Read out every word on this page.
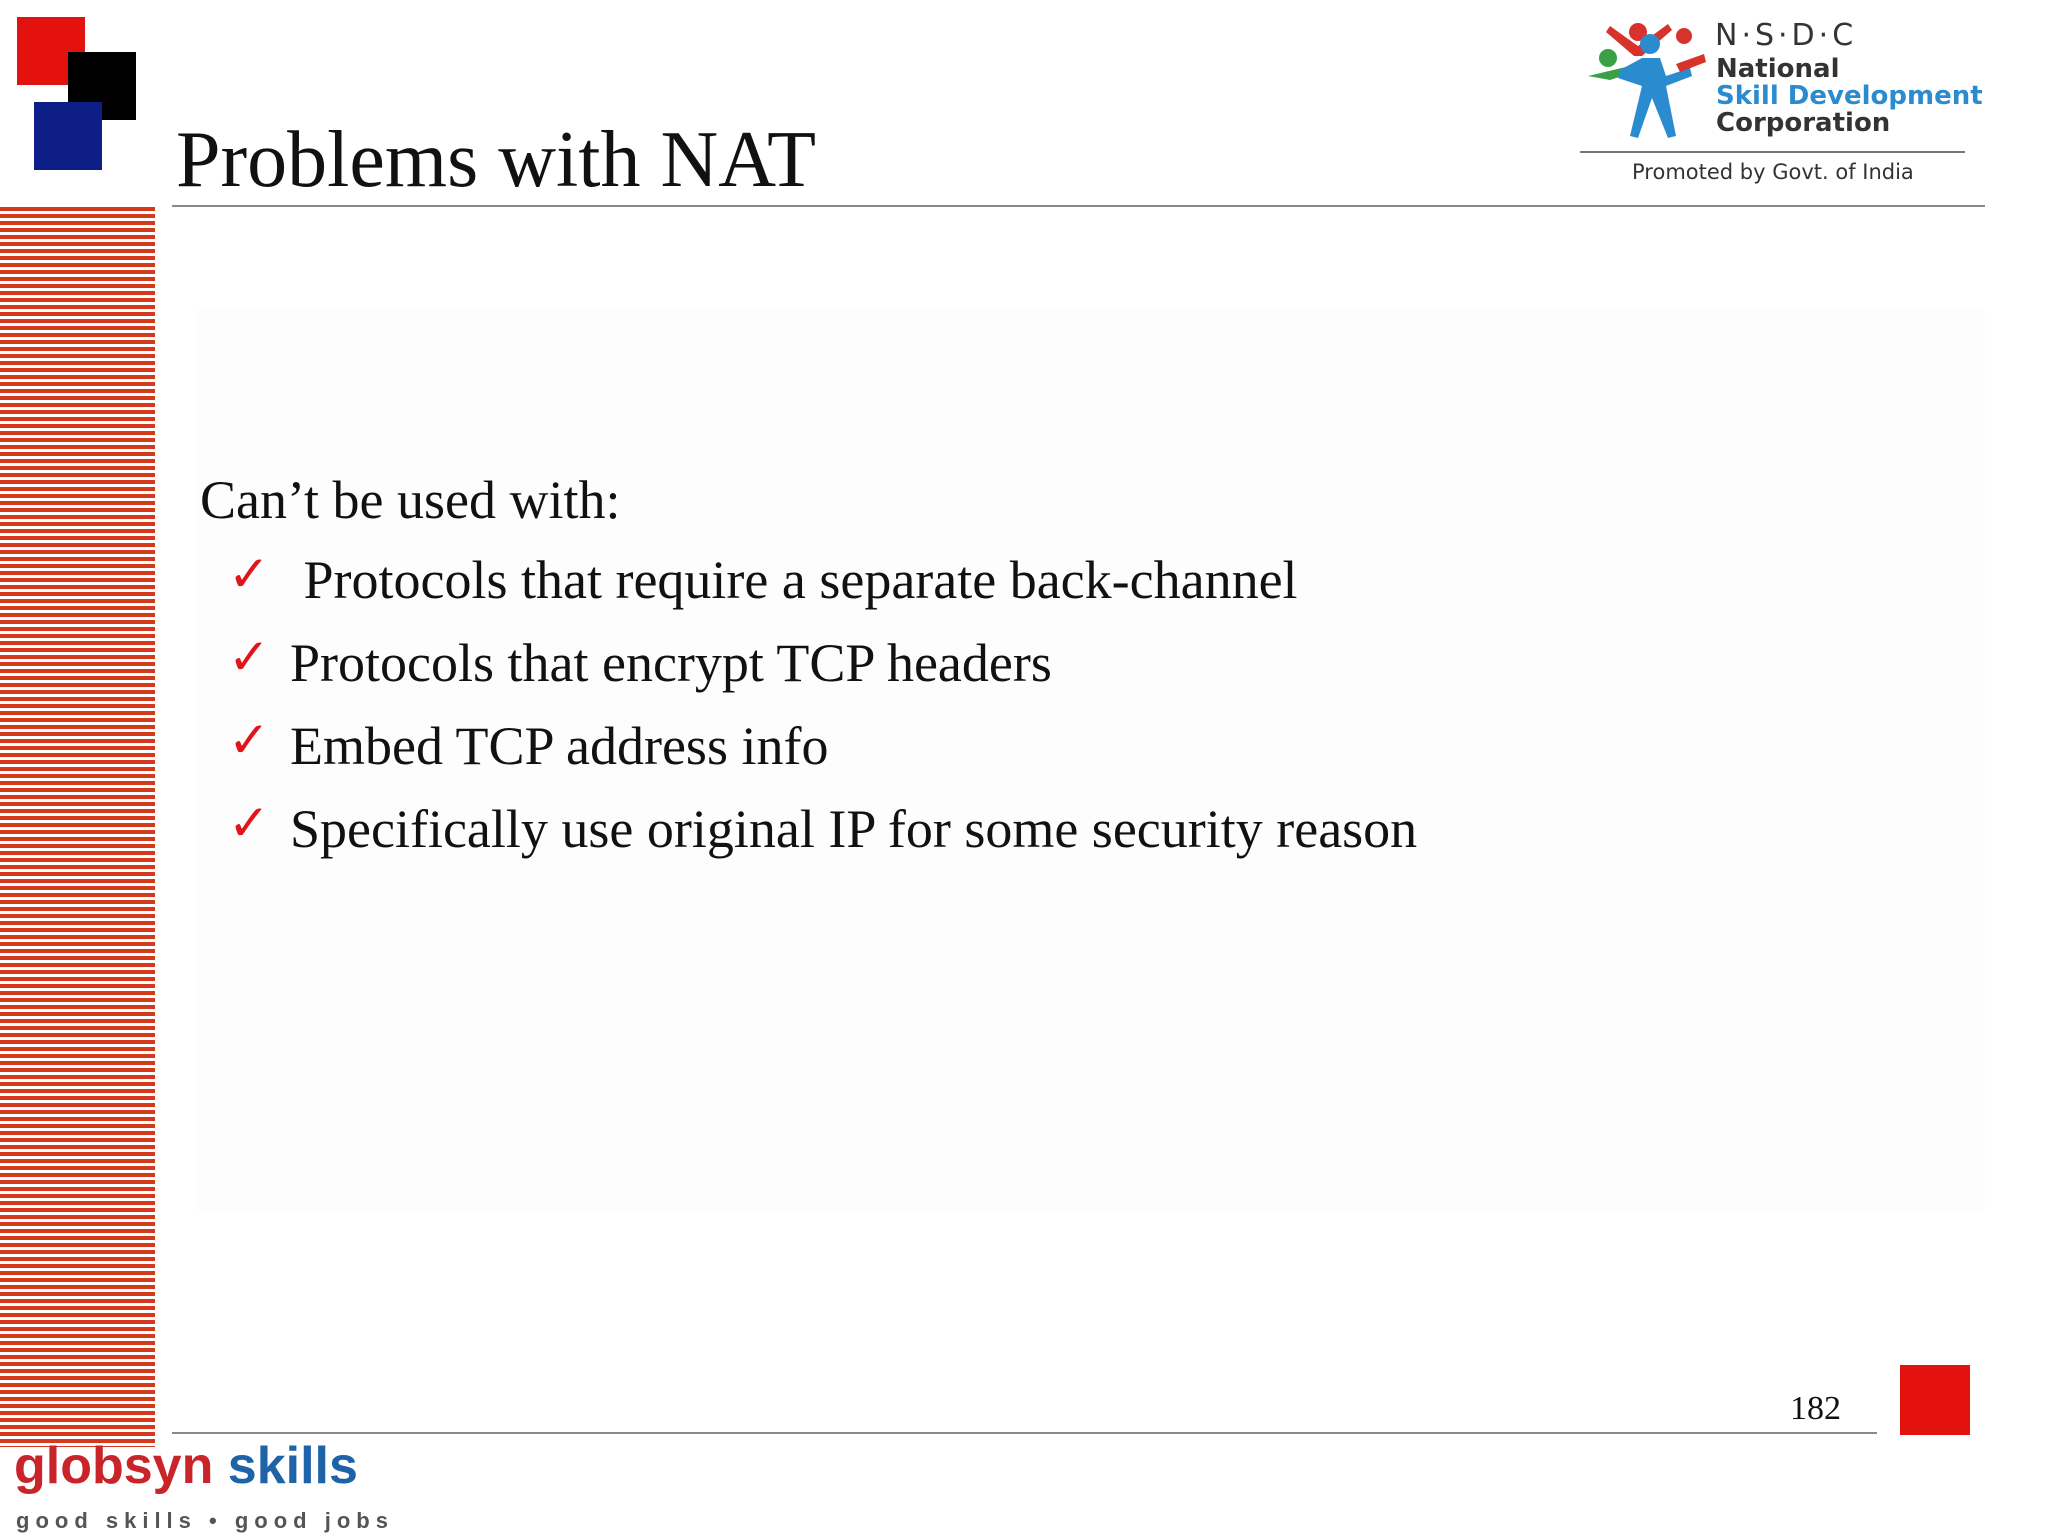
Problems with NAT
N·S·D·C
National
Skill Development
Corporation
Promoted by Govt. of India
Can’t be used with:
✓ Protocols that require a separate back-channel
✓ Protocols that encrypt TCP headers
✓ Embed TCP address info
✓ Specifically use original IP for some security reason
182
globsyn skills
good skills • good jobs
